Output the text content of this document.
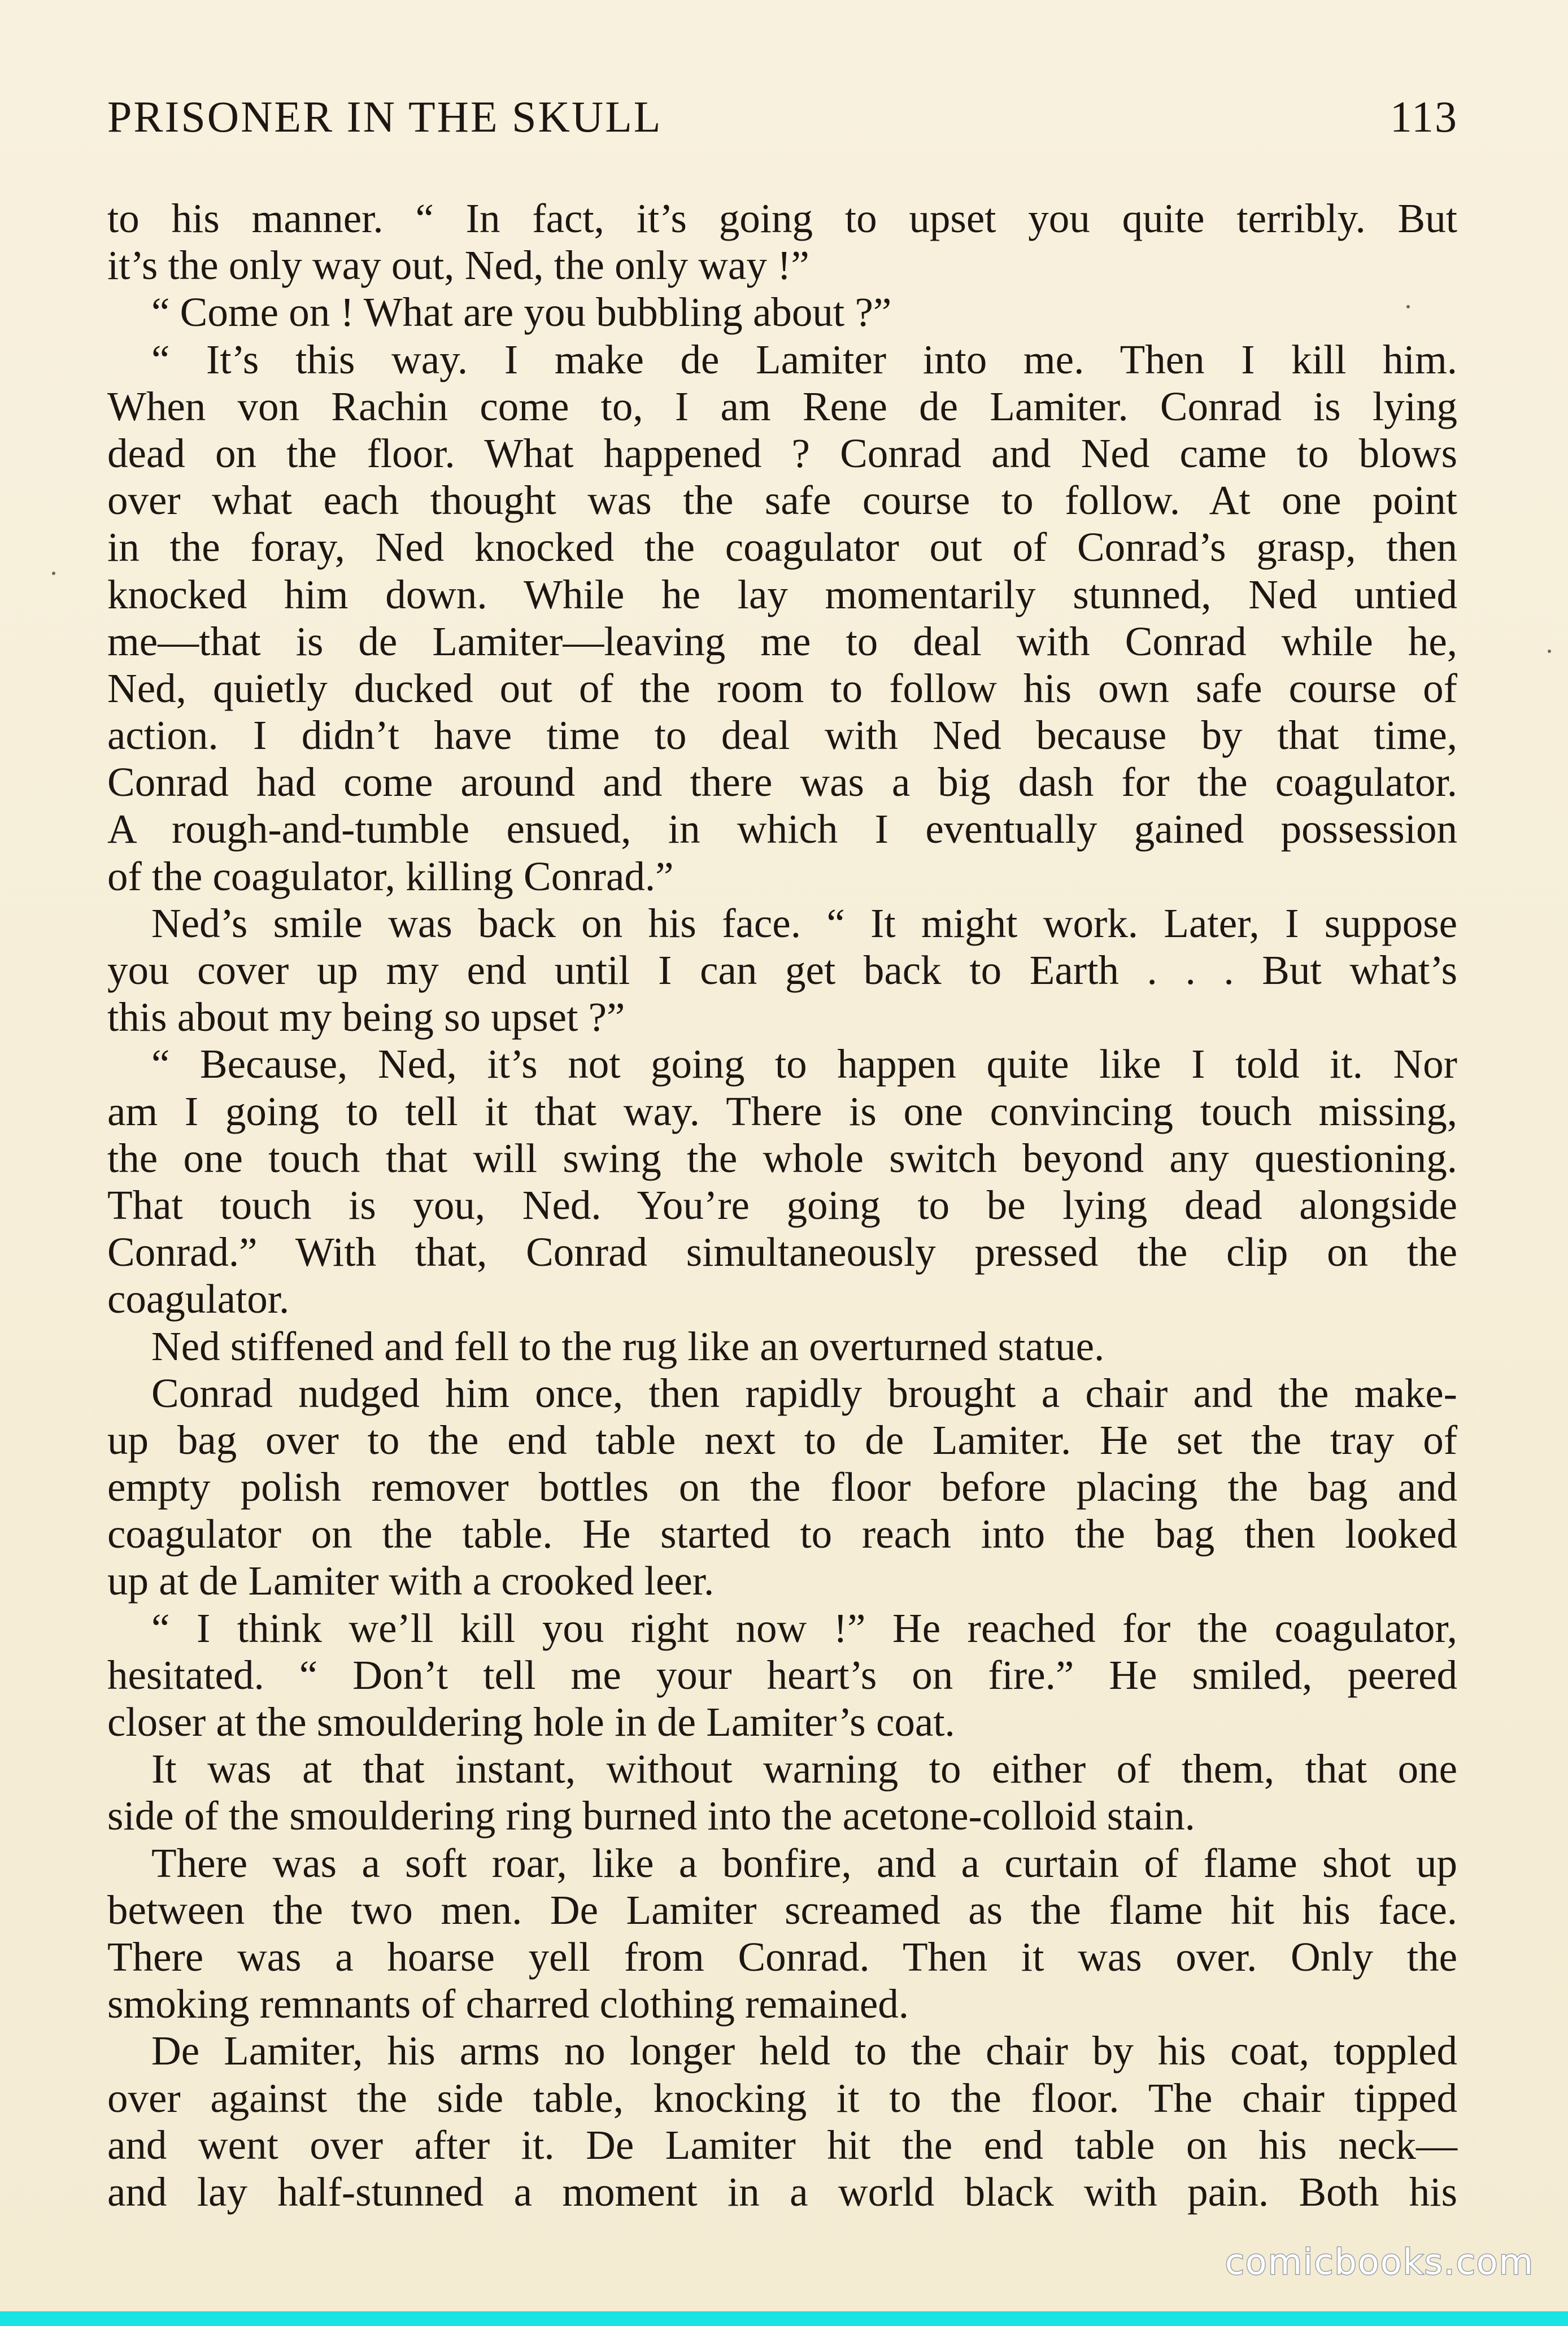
PRISONER IN THE SKULL	113
to his manner. “ In fact, it’s going to upset you quite terribly. But
it’s the only way out, Ned, the only way !”
“ Come on ! What are you bubbling about ?”
“ It’s this way. I make de Lamiter into me. Then I kill him.
When von Rachin come to, I am Rene de Lamiter. Conrad is lying
dead on the floor. What happened ? Conrad and Ned came to blows
over what each thought was the safe course to follow. At one point
in the foray, Ned knocked the coagulator out of Conrad’s grasp, then
knocked him down. While he lay momentarily stunned, Ned untied
me—that is de Lamiter—leaving me to deal with Conrad while he,
Ned, quietly ducked out of the room to follow his own safe course of
action. I didn’t have time to deal with Ned because by that time,
Conrad had come around and there was a big dash for the coagulator.
A rough-and-tumble ensued, in which I eventually gained possession
of the coagulator, killing Conrad.”
Ned’s smile was back on his face. “ It might work. Later, I suppose
you cover up my end until I can get back to Earth . . . But what’s
this about my being so upset ?”
“ Because, Ned, it’s not going to happen quite like I told it. Nor
am I going to tell it that way. There is one convincing touch missing,
the one touch that will swing the whole switch beyond any questioning.
That touch is you, Ned. You’re going to be lying dead alongside
Conrad.” With that, Conrad simultaneously pressed the clip on the
coagulator.
Ned stiffened and fell to the rug like an overturned statue.
Conrad nudged him once, then rapidly brought a chair and the make-
up bag over to the end table next to de Lamiter. He set the tray of
empty polish remover bottles on the floor before placing the bag and
coagulator on the table. He started to reach into the bag then looked
up at de Lamiter with a crooked leer.
“ I think we’ll kill you right now !” He reached for the coagulator,
hesitated. “ Don’t tell me your heart’s on fire.” He smiled, peered
closer at the smouldering hole in de Lamiter’s coat.
It was at that instant, without warning to either of them, that one
side of the smouldering ring burned into the acetone-colloid stain.
There was a soft roar, like a bonfire, and a curtain of flame shot up
between the two men. De Lamiter screamed as the flame hit his face.
There was a hoarse yell from Conrad. Then it was over. Only the
smoking remnants of charred clothing remained.
De Lamiter, his arms no longer held to the chair by his coat, toppled
over against the side table, knocking it to the floor. The chair tipped
and went over after it. De Lamiter hit the end table on his neck—
and lay half-stunned a moment in a world black with pain. Both his
comicbooks.com
